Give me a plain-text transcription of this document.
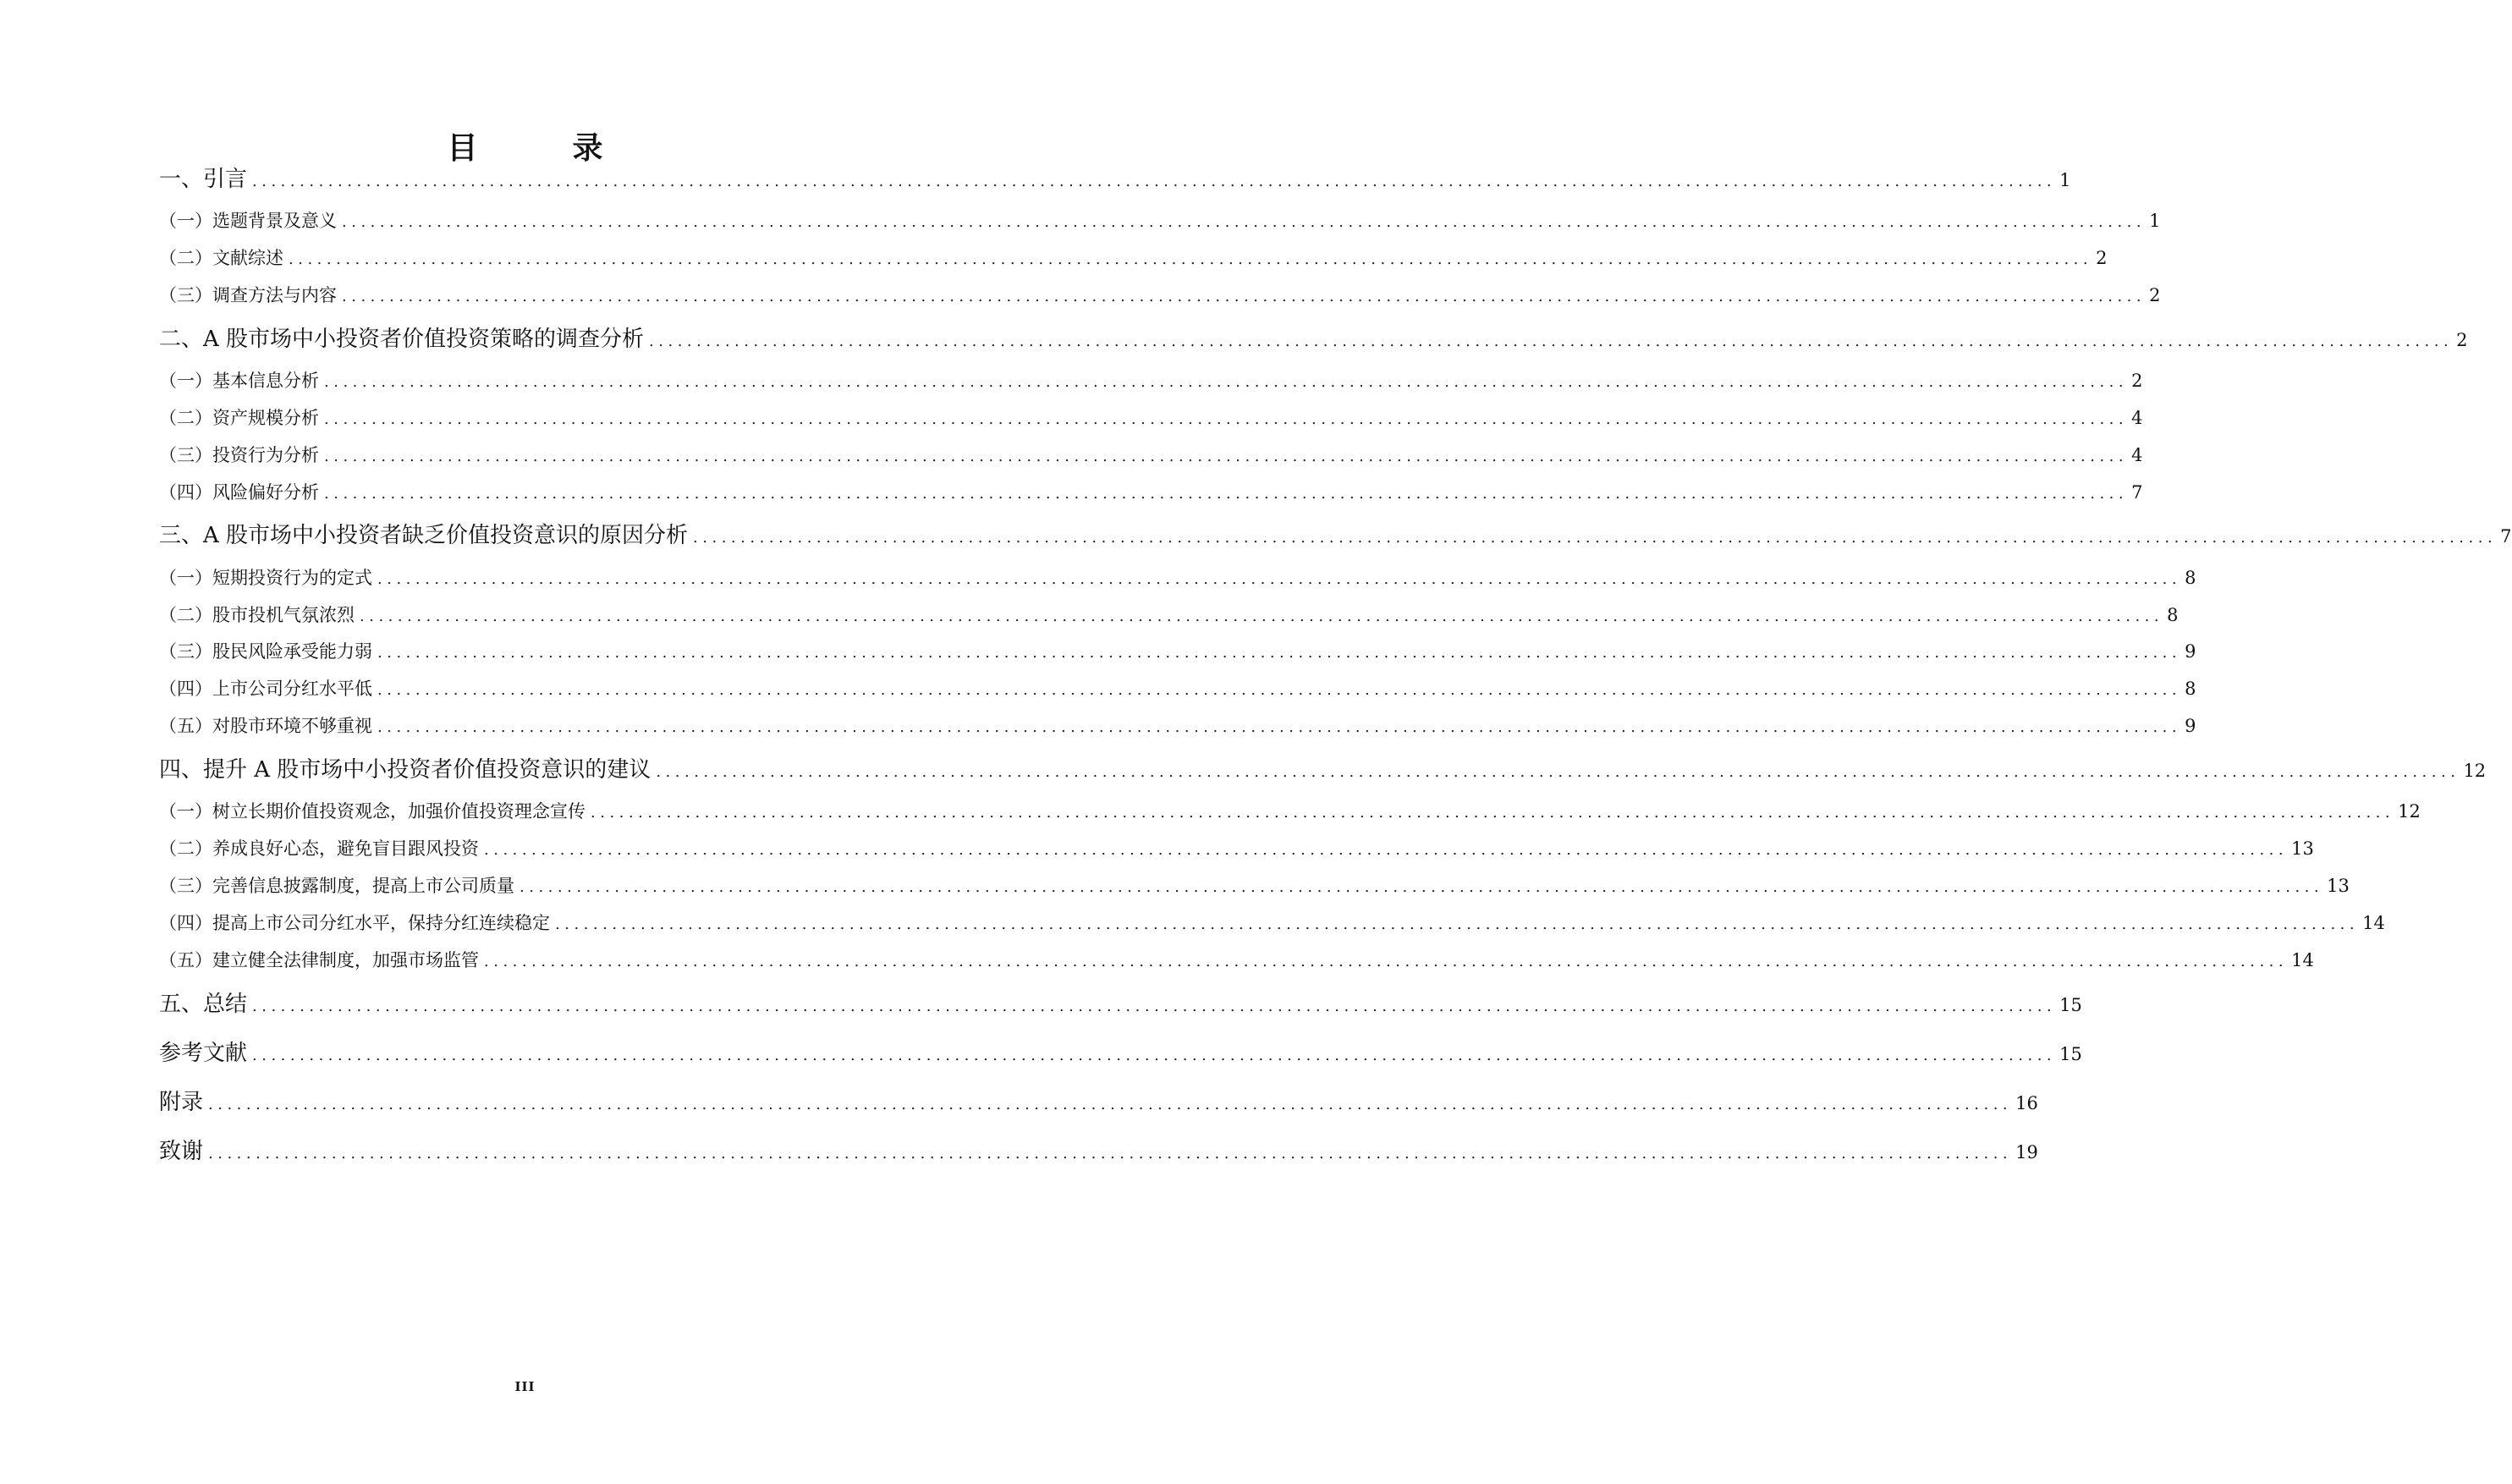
目　录
一、引言 .............................................................................................................................................................................................. 1
（一）选题背景及意义 .............................................................................................................................................................................................. 1
（二）文献综述 .............................................................................................................................................................................................. 2
（三）调查方法与内容 .............................................................................................................................................................................................. 2
二、A 股市场中小投资者价值投资策略的调查分析 .............................................................................................................................................................................................. 2
（一）基本信息分析 .............................................................................................................................................................................................. 2
（二）资产规模分析 .............................................................................................................................................................................................. 4
（三）投资行为分析 .............................................................................................................................................................................................. 4
（四）风险偏好分析 .............................................................................................................................................................................................. 7
三、A 股市场中小投资者缺乏价值投资意识的原因分析 .............................................................................................................................................................................................. 7
（一）短期投资行为的定式 .............................................................................................................................................................................................. 8
（二）股市投机气氛浓烈 .............................................................................................................................................................................................. 8
（三）股民风险承受能力弱 .............................................................................................................................................................................................. 9
（四）上市公司分红水平低 .............................................................................................................................................................................................. 8
（五）对股市环境不够重视 .............................................................................................................................................................................................. 9
四、提升 A 股市场中小投资者价值投资意识的建议 .............................................................................................................................................................................................. 12
（一）树立长期价值投资观念，加强价值投资理念宣传 .............................................................................................................................................................................................. 12
（二）养成良好心态，避免盲目跟风投资 .............................................................................................................................................................................................. 13
（三）完善信息披露制度，提高上市公司质量 .............................................................................................................................................................................................. 13
（四）提高上市公司分红水平，保持分红连续稳定 .............................................................................................................................................................................................. 14
（五）建立健全法律制度，加强市场监管 .............................................................................................................................................................................................. 14
五、总结 .............................................................................................................................................................................................. 15
参考文献 .............................................................................................................................................................................................. 15
附录 .............................................................................................................................................................................................. 16
致谢 .............................................................................................................................................................................................. 19
III
